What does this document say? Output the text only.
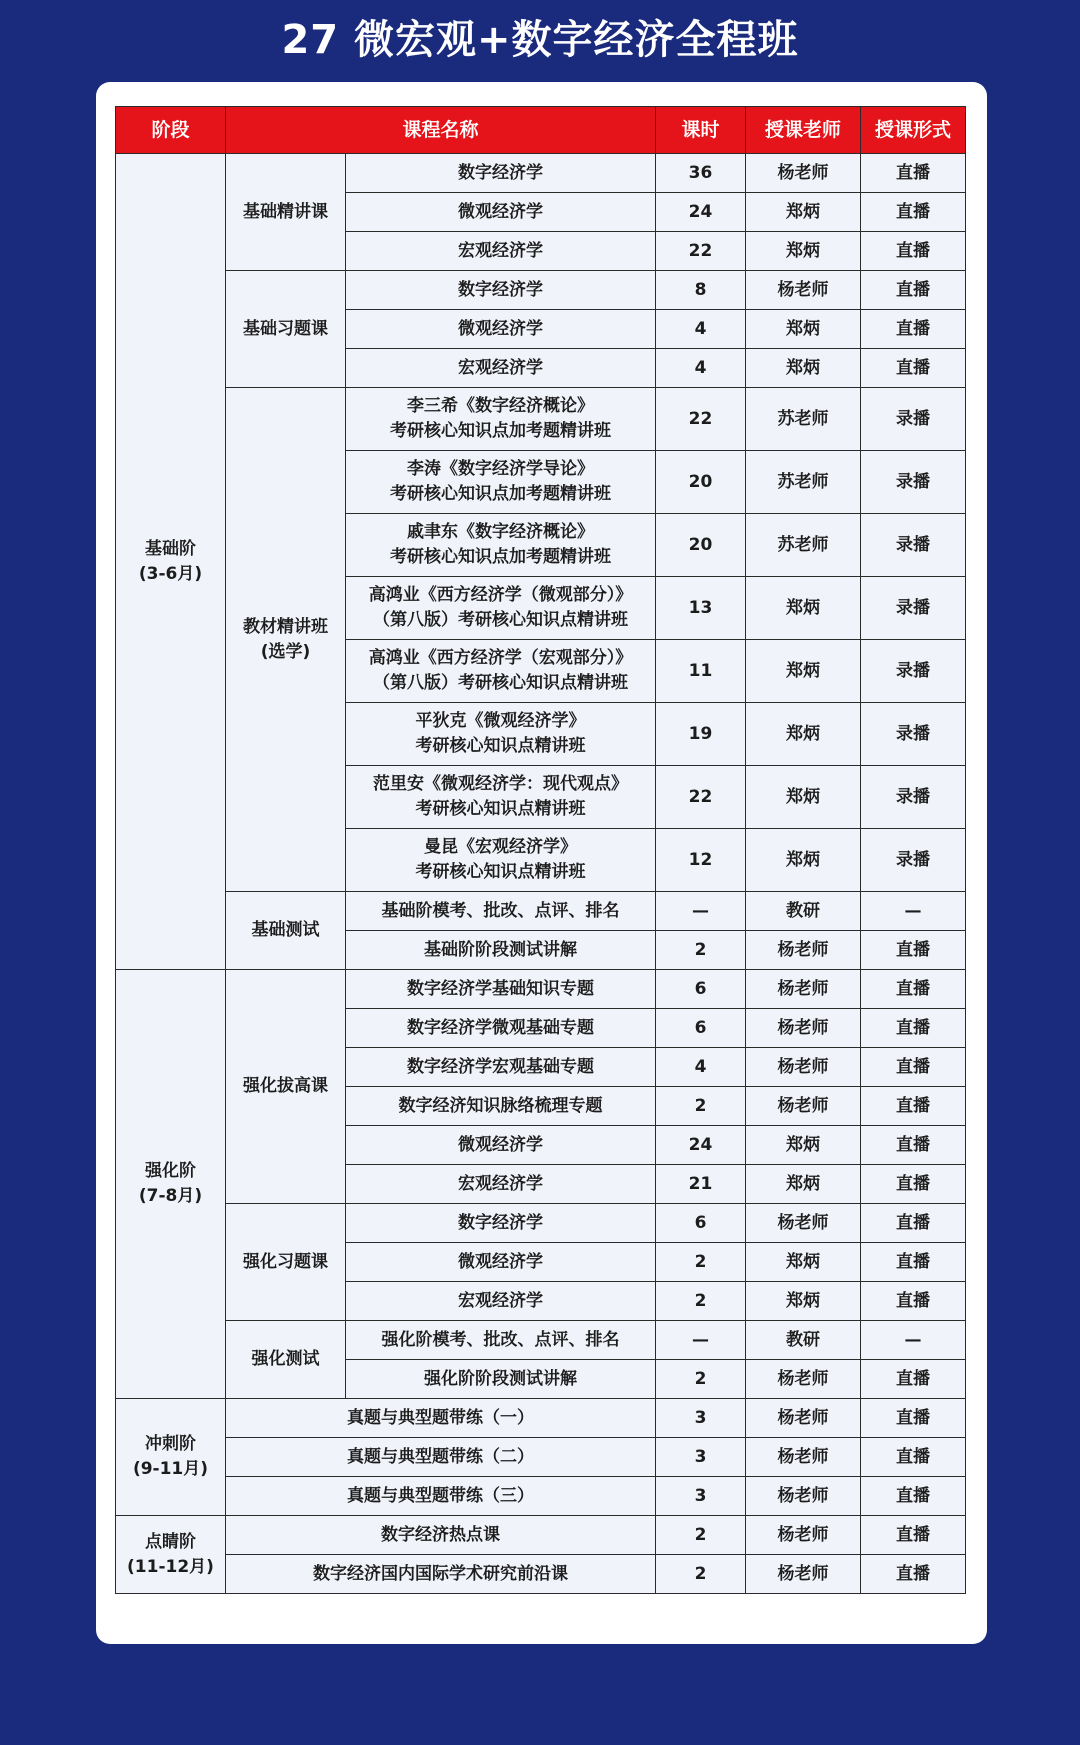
27 微宏观+数字经济全程班
阶段	课程名称		课时	授课老师	授课形式

基础阶
(3-6月)	基础精讲课	数字经济学	36	杨老师	直播
		微观经济学	24	郑炳	直播
		宏观经济学	22	郑炳	直播
	基础习题课	数字经济学	8	杨老师	直播
		微观经济学	4	郑炳	直播
		宏观经济学	4	郑炳	直播

	教材精讲班
(选学)	李三希《数字经济概论》
考研核心知识点加考题精讲班	22	苏老师	录播

		李涛《数字经济学导论》
考研核心知识点加考题精讲班	20	苏老师	录播

		戚聿东《数字经济概论》
考研核心知识点加考题精讲班	20	苏老师	录播

		高鸿业《西方经济学（微观部分）》
（第八版）考研核心知识点精讲班	13	郑炳	录播

		高鸿业《西方经济学（宏观部分）》
（第八版）考研核心知识点精讲班	11	郑炳	录播

		平狄克《微观经济学》
考研核心知识点精讲班	19	郑炳	录播

		范里安《微观经济学：现代观点》
考研核心知识点精讲班	22	郑炳	录播

		曼昆《宏观经济学》
考研核心知识点精讲班	12	郑炳	录播
	基础测试	基础阶模考、批改、点评、排名	—	教研	—
		基础阶阶段测试讲解	2	杨老师	直播

强化阶
(7-8月)	强化拔高课	数字经济学基础知识专题	6	杨老师	直播
		数字经济学微观基础专题	6	杨老师	直播
		数字经济学宏观基础专题	4	杨老师	直播
		数字经济知识脉络梳理专题	2	杨老师	直播
		微观经济学	24	郑炳	直播
		宏观经济学	21	郑炳	直播
	强化习题课	数字经济学	6	杨老师	直播
		微观经济学	2	郑炳	直播
		宏观经济学	2	郑炳	直播
	强化测试	强化阶模考、批改、点评、排名	—	教研	—
		强化阶阶段测试讲解	2	杨老师	直播

冲刺阶
(9-11月)	真题与典型题带练（一）		3	杨老师	直播
	真题与典型题带练（二）		3	杨老师	直播
	真题与典型题带练（三）		3	杨老师	直播

点睛阶
(11-12月)	数字经济热点课		2	杨老师	直播
	数字经济国内国际学术研究前沿课		2	杨老师	直播
